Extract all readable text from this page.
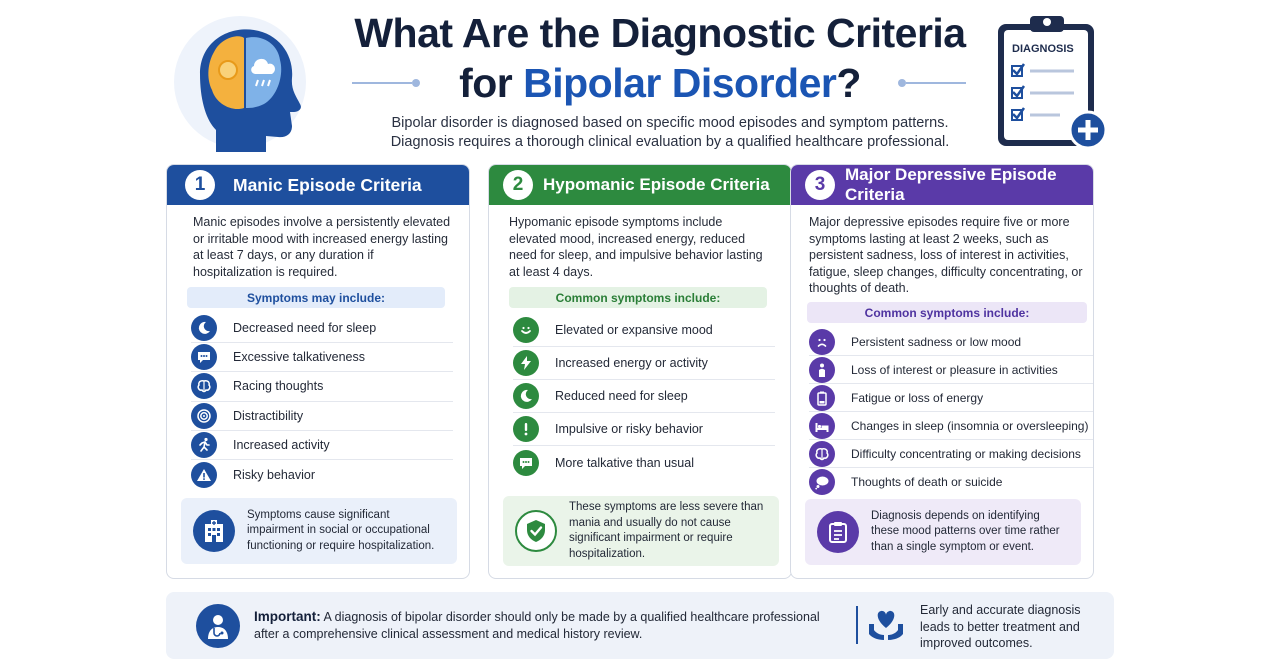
What Are the Diagnostic Criteria
for Bipolar Disorder?
Bipolar disorder is diagnosed based on specific mood episodes and symptom patterns.
Diagnosis requires a thorough clinical evaluation by a qualified healthcare professional.
DIAGNOSIS
1	Manic Episode Criteria
Manic episodes involve a persistently elevated or irritable mood with increased energy lasting at least 7 days, or any duration if hospitalization is required.
Symptoms may include:
Decreased need for sleep
Excessive talkativeness
Racing thoughts
Distractibility
Increased activity
Risky behavior
Symptoms cause significant impairment in social or occupational functioning or require hospitalization.
2	Hypomanic Episode Criteria
Hypomanic episode symptoms include elevated mood, increased energy, reduced need for sleep, and impulsive behavior lasting at least 4 days.
Common symptoms include:
Elevated or expansive mood
Increased energy or activity
Reduced need for sleep
Impulsive or risky behavior
More talkative than usual
These symptoms are less severe than mania and usually do not cause significant impairment or require hospitalization.
3	Major Depressive Episode Criteria
Major depressive episodes require five or more symptoms lasting at least 2 weeks, such as persistent sadness, loss of interest in activities, fatigue, sleep changes, difficulty concentrating, or thoughts of death.
Common symptoms include:
Persistent sadness or low mood
Loss of interest or pleasure in activities
Fatigue or loss of energy
Changes in sleep (insomnia or oversleeping)
Difficulty concentrating or making decisions
Thoughts of death or suicide
Diagnosis depends on identifying these mood patterns over time rather than a single symptom or event.
Important: A diagnosis of bipolar disorder should only be made by a qualified healthcare professional after a comprehensive clinical assessment and medical history review.
Early and accurate diagnosis leads to better treatment and improved outcomes.
